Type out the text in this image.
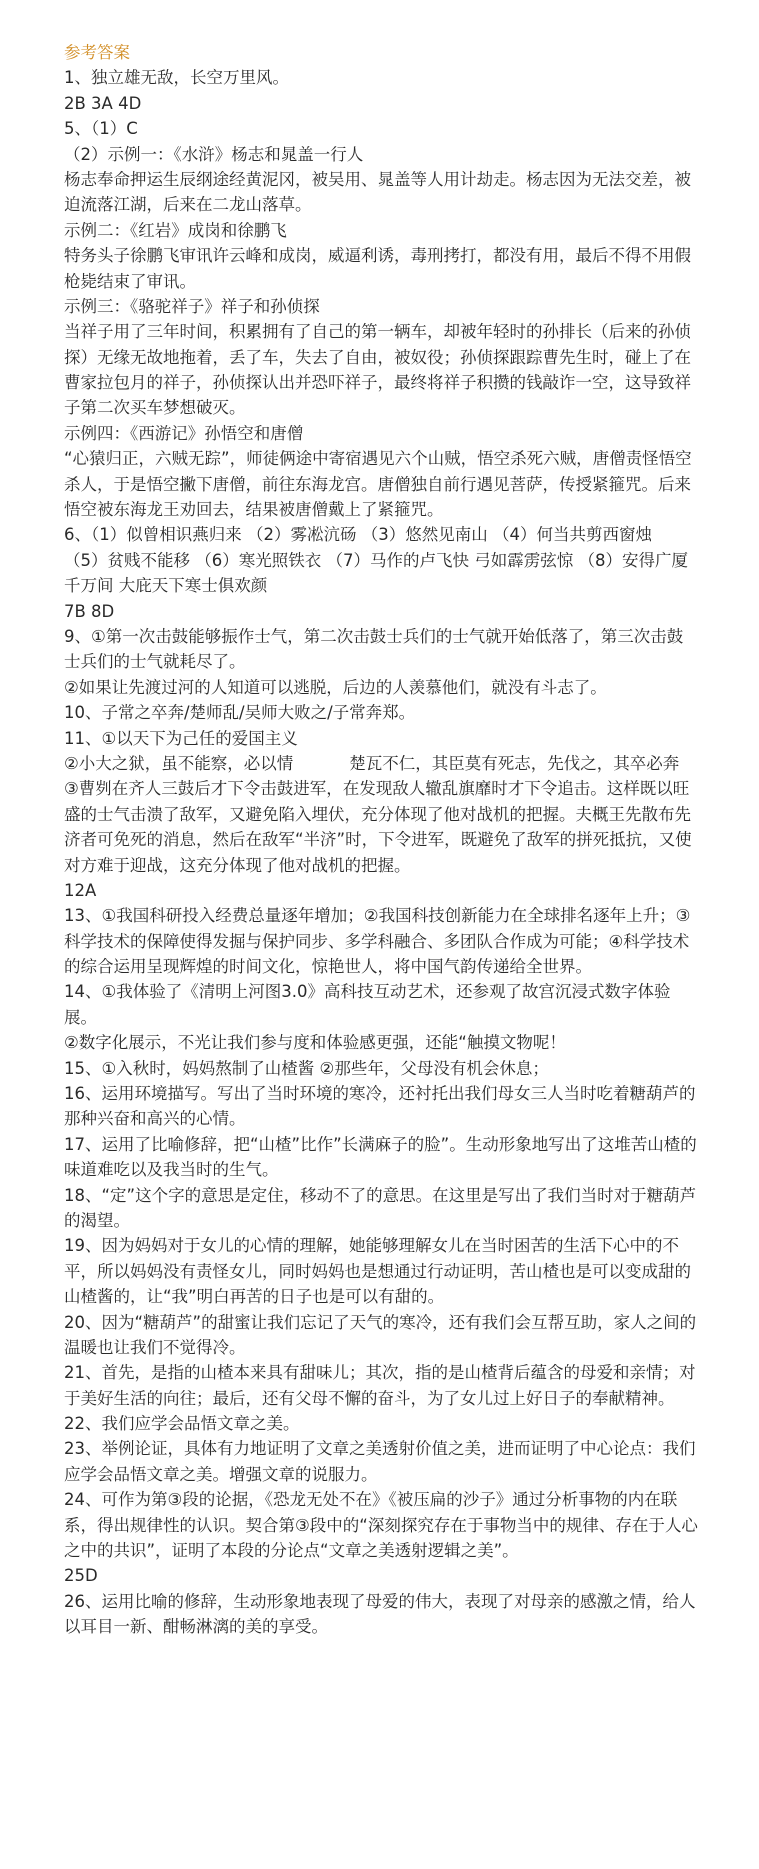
参考答案
1、独立雄无敌，长空万里风。
2B 3A 4D
5、（1）C
（2）示例一：《水浒》杨志和晁盖一行人
杨志奉命押运生辰纲途经黄泥冈，被吴用、晁盖等人用计劫走。杨志因为无法交差，被
迫流落江湖，后来在二龙山落草。
示例二：《红岩》成岗和徐鹏飞
特务头子徐鹏飞审讯许云峰和成岗，威逼利诱，毒刑拷打，都没有用，最后不得不用假
枪毙结束了审讯。
示例三：《骆驼祥子》祥子和孙侦探
当祥子用了三年时间，积累拥有了自己的第一辆车，却被年轻时的孙排长（后来的孙侦
探）无缘无故地拖着，丢了车，失去了自由，被奴役；孙侦探跟踪曹先生时，碰上了在
曹家拉包月的祥子，孙侦探认出并恐吓祥子，最终将祥子积攒的钱敲诈一空，这导致祥
子第二次买车梦想破灭。
示例四：《西游记》孙悟空和唐僧
“心猿归正，六贼无踪”，师徒俩途中寄宿遇见六个山贼，悟空杀死六贼，唐僧责怪悟空
杀人，于是悟空撇下唐僧，前往东海龙宫。唐僧独自前行遇见菩萨，传授紧箍咒。后来
悟空被东海龙王劝回去，结果被唐僧戴上了紧箍咒。
6、（1）似曾相识燕归来 （2）雾凇沆砀 （3）悠然见南山 （4）何当共剪西窗烛
（5）贫贱不能移 （6）寒光照铁衣 （7）马作的卢飞快 弓如霹雳弦惊 （8）安得广厦
千万间 大庇天下寒士俱欢颜
7B 8D
9、①第一次击鼓能够振作士气，第二次击鼓士兵们的士气就开始低落了，第三次击鼓
士兵们的士气就耗尽了。
②如果让先渡过河的人知道可以逃脱，后边的人羡慕他们，就没有斗志了。
10、子常之卒奔/楚师乱/吴师大败之/子常奔郑。
11、①以天下为己任的爱国主义
②小大之狱，虽不能察，必以情	楚瓦不仁，其臣莫有死志，先伐之，其卒必奔
③曹刿在齐人三鼓后才下令击鼓进军，在发现敌人辙乱旗靡时才下令追击。这样既以旺
盛的士气击溃了敌军，又避免陷入埋伏，充分体现了他对战机的把握。夫概王先散布先
济者可免死的消息，然后在敌军“半济”时，下令进军，既避免了敌军的拼死抵抗，又使
对方难于迎战，这充分体现了他对战机的把握。
12A
13、①我国科研投入经费总量逐年增加；②我国科技创新能力在全球排名逐年上升；③
科学技术的保障使得发掘与保护同步、多学科融合、多团队合作成为可能；④科学技术
的综合运用呈现辉煌的时间文化，惊艳世人，将中国气韵传递给全世界。
14、①我体验了《清明上河图3.0》高科技互动艺术，还参观了故宫沉浸式数字体验
展。
②数字化展示，不光让我们参与度和体验感更强，还能“触摸文物呢！
15、①入秋时，妈妈熬制了山楂酱 ②那些年，父母没有机会休息；
16、运用环境描写。写出了当时环境的寒冷，还衬托出我们母女三人当时吃着糖葫芦的
那种兴奋和高兴的心情。
17、运用了比喻修辞，把“山楂”比作”长满麻子的脸”。生动形象地写出了这堆苦山楂的
味道难吃以及我当时的生气。
18、“定”这个字的意思是定住，移动不了的意思。在这里是写出了我们当时对于糖葫芦
的渴望。
19、因为妈妈对于女儿的心情的理解，她能够理解女儿在当时困苦的生活下心中的不
平，所以妈妈没有责怪女儿，同时妈妈也是想通过行动证明，苦山楂也是可以变成甜的
山楂酱的，让“我”明白再苦的日子也是可以有甜的。
20、因为“糖葫芦”的甜蜜让我们忘记了天气的寒冷，还有我们会互帮互助，家人之间的
温暖也让我们不觉得冷。
21、首先，是指的山楂本来具有甜味儿；其次，指的是山楂背后蕴含的母爱和亲情；对
于美好生活的向往；最后，还有父母不懈的奋斗，为了女儿过上好日子的奉献精神。
22、我们应学会品悟文章之美。
23、举例论证，具体有力地证明了文章之美透射价值之美，进而证明了中心论点：我们
应学会品悟文章之美。增强文章的说服力。
24、可作为第③段的论据，《恐龙无处不在》《被压扁的沙子》通过分析事物的内在联
系，得出规律性的认识。契合第③段中的“深刻探究存在于事物当中的规律、存在于人心
之中的共识”，证明了本段的分论点“文章之美透射逻辑之美”。
25D
26、运用比喻的修辞，生动形象地表现了母爱的伟大，表现了对母亲的感激之情，给人
以耳目一新、酣畅淋漓的美的享受。
